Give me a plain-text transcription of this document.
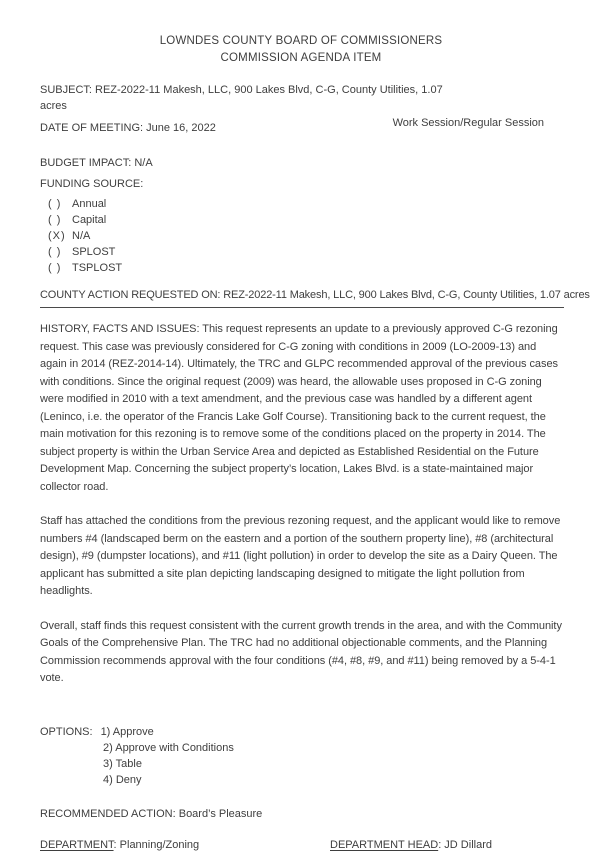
LOWNDES COUNTY BOARD OF COMMISSIONERS
COMMISSION AGENDA ITEM
SUBJECT: REZ-2022-11 Makesh, LLC, 900 Lakes Blvd, C-G, County Utilities, 1.07 acres
DATE OF MEETING: June 16, 2022	Work Session/Regular Session
BUDGET IMPACT: N/A
FUNDING SOURCE:
( ) Annual
( ) Capital
(X) N/A
( ) SPLOST
( ) TSPLOST
COUNTY ACTION REQUESTED ON: REZ-2022-11 Makesh, LLC, 900 Lakes Blvd, C-G, County Utilities, 1.07 acres

HISTORY, FACTS AND ISSUES: This request represents an update to a previously approved C-G rezoning request. This case was previously considered for C-G zoning with conditions in 2009 (LO-2009-13) and again in 2014 (REZ-2014-14). Ultimately, the TRC and GLPC recommended approval of the previous cases with conditions. Since the original request (2009) was heard, the allowable uses proposed in C-G zoning were modified in 2010 with a text amendment, and the previous case was handled by a different agent (Leninco, i.e. the operator of the Francis Lake Golf Course). Transitioning back to the current request, the main motivation for this rezoning is to remove some of the conditions placed on the property in 2014. The subject property is within the Urban Service Area and depicted as Established Residential on the Future Development Map. Concerning the subject property’s location, Lakes Blvd. is a state-maintained major collector road.

Staff has attached the conditions from the previous rezoning request, and the applicant would like to remove numbers #4 (landscaped berm on the eastern and a portion of the southern property line), #8 (architectural design), #9 (dumpster locations), and #11 (light pollution) in order to develop the site as a Dairy Queen. The applicant has submitted a site plan depicting landscaping designed to mitigate the light pollution from headlights.

Overall, staff finds this request consistent with the current growth trends in the area, and with the Community Goals of the Comprehensive Plan. The TRC had no additional objectionable comments, and the Planning Commission recommends approval with the four conditions (#4, #8, #9, and #11) being removed by a 5-4-1 vote.

OPTIONS: 1) Approve
2) Approve with Conditions
3) Table
4) Deny
RECOMMENDED ACTION: Board’s Pleasure
DEPARTMENT: Planning/Zoning	DEPARTMENT HEAD: JD Dillard
